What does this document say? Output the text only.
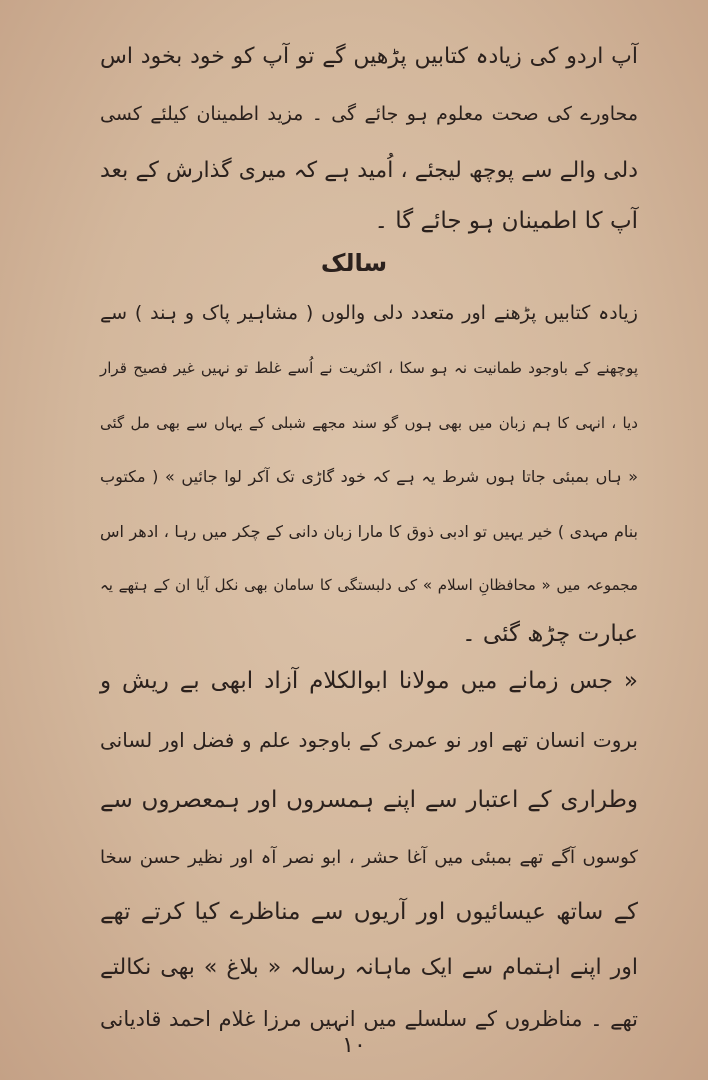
آپ اردو کی زیادہ کتابیں پڑھیں گے تو آپ کو خود بخود اس
محاورے کی صحت معلوم ہو جائے گی ۔ مزید اطمینان کیلئے کسی
دلی والے سے پوچھ لیجئے ، اُمید ہے کہ میری گذارش کے بعد
آپ کا اطمینان ہو جائے گا ۔
سالک
زیادہ کتابیں پڑھنے اور متعدد دلی والوں ( مشاہیر پاک و ہند ) سے
پوچھنے کے باوجود طمانیت نہ ہو سکا ، اکثریت نے اُسے غلط تو نہیں غیر فصیح قرار
دیا ، انہی کا ہم زبان میں بھی ہوں گو سند مجھے شبلی کے یہاں سے بھی مل گئی
« ہاں بمبئی جاتا ہوں شرط یہ ہے کہ خود گاڑی تک آکر لوا جائیں » ( مکتوب
بنام مہدی ) خیر یہیں تو ادبی ذوق کا مارا زبان دانی کے چکر میں رہا ، ادھر اس
مجموعہ میں « محافظانِ اسلام » کی دلبستگی کا سامان بھی نکل آیا ان کے ہتھے یہ
عبارت چڑھ گئی ۔
« جس زمانے میں مولانا ابوالکلام آزاد ابھی بے ریش و
بروت انسان تھے اور نو عمری کے باوجود علم و فضل اور لسانی
وطراری کے اعتبار سے اپنے ہمسروں اور ہمعصروں سے
کوسوں آگے تھے بمبئی میں آغا حشر ، ابو نصر آہ اور نظیر حسن سخا
کے ساتھ عیسائیوں اور آریوں سے مناظرے کیا کرتے تھے
اور اپنے اہتمام سے ایک ماہانہ رسالہ « بلاغ » بھی نکالتے
تھے ۔ مناظروں کے سلسلے میں انہیں مرزا غلام احمد قادیانی
۱۰
